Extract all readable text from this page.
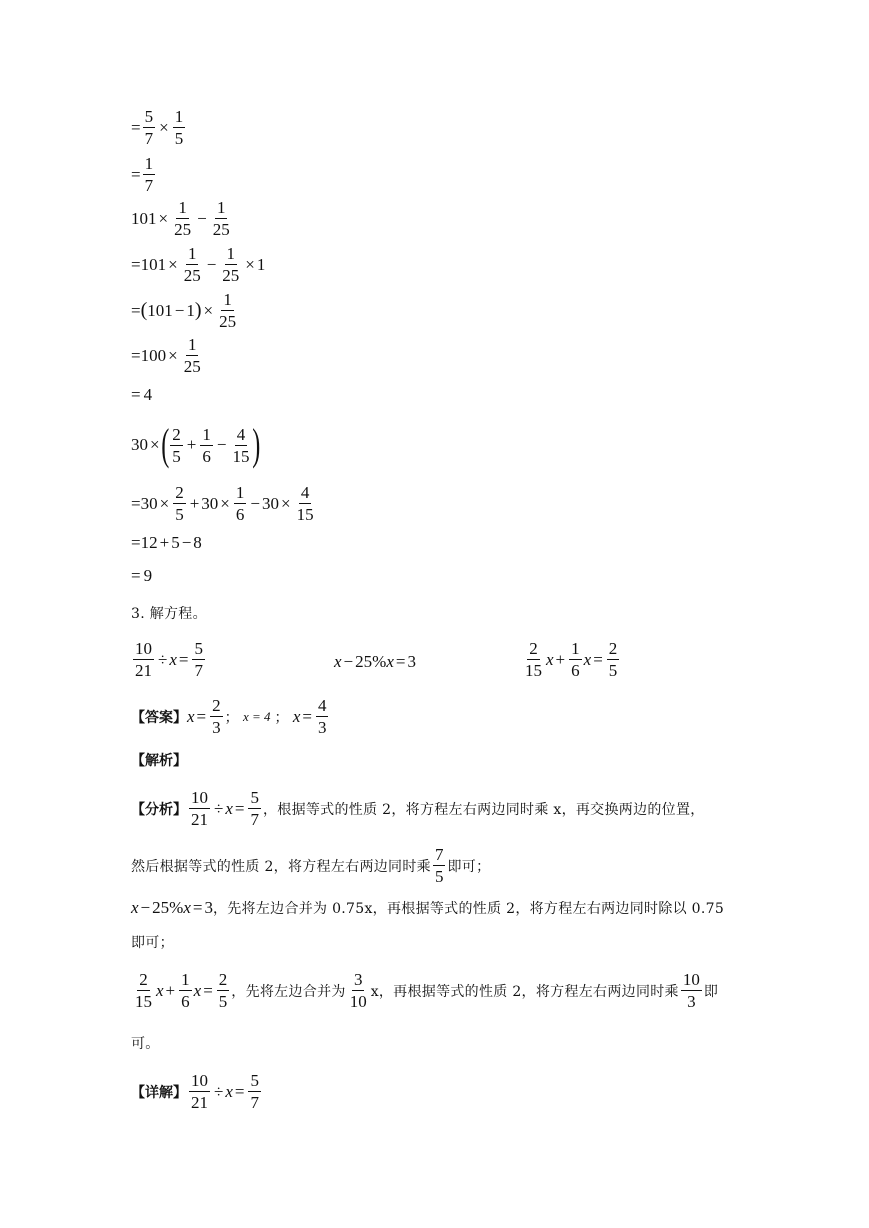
= $\frac{5}{7} \times \frac{1}{5}$
= $\frac{1}{7}$
$101 \times \frac{1}{25} - \frac{1}{25}$
= $101 \times \frac{1}{25} - \frac{1}{25} \times 1$
= ( 101 − 1 ) × $\frac{1}{25}$
= $100 \times \frac{1}{25}$
= 4
30 × ( $\frac{2}{5} + \frac{1}{6} - \frac{4}{15}$ )
= $30 \times \frac{2}{5} + 30 \times \frac{1}{6} - 30 \times \frac{4}{15}$
= 12 + 5 − 8
= 9
3. 解方程。
$\frac{10}{21} \div x = \frac{5}{7}$	x − 25% x = 3	$\frac{2}{15}$ $x + \frac{1}{6}$ $x = \frac{2}{5}$
【答案】 $x = \frac{2}{3}$ ； x = 4 ； $x = \frac{4}{3}$
【解析】
【分析】 $\frac{10}{21} \div x = \frac{5}{7}$ ，根据等式的性质 2，将方程左右两边同时乘 x，再交换两边的位置，
然后根据等式的性质 2，将方程左右两边同时乘 $\frac{7}{5}$ 即可；
x − 25% x = 3 ，先将左边合并为 0.75x，再根据等式的性质 2，将方程左右两边同时除以 0.75
即可；
$\frac{2}{15}$ $x + \frac{1}{6}$ $x = \frac{2}{5}$ ，先将左边合并为 $\frac{3}{10}$ x，再根据等式的性质 2，将方程左右两边同时乘 $\frac{10}{3}$ 即
可。
【详解】 $\frac{10}{21} \div x = \frac{5}{7}$
